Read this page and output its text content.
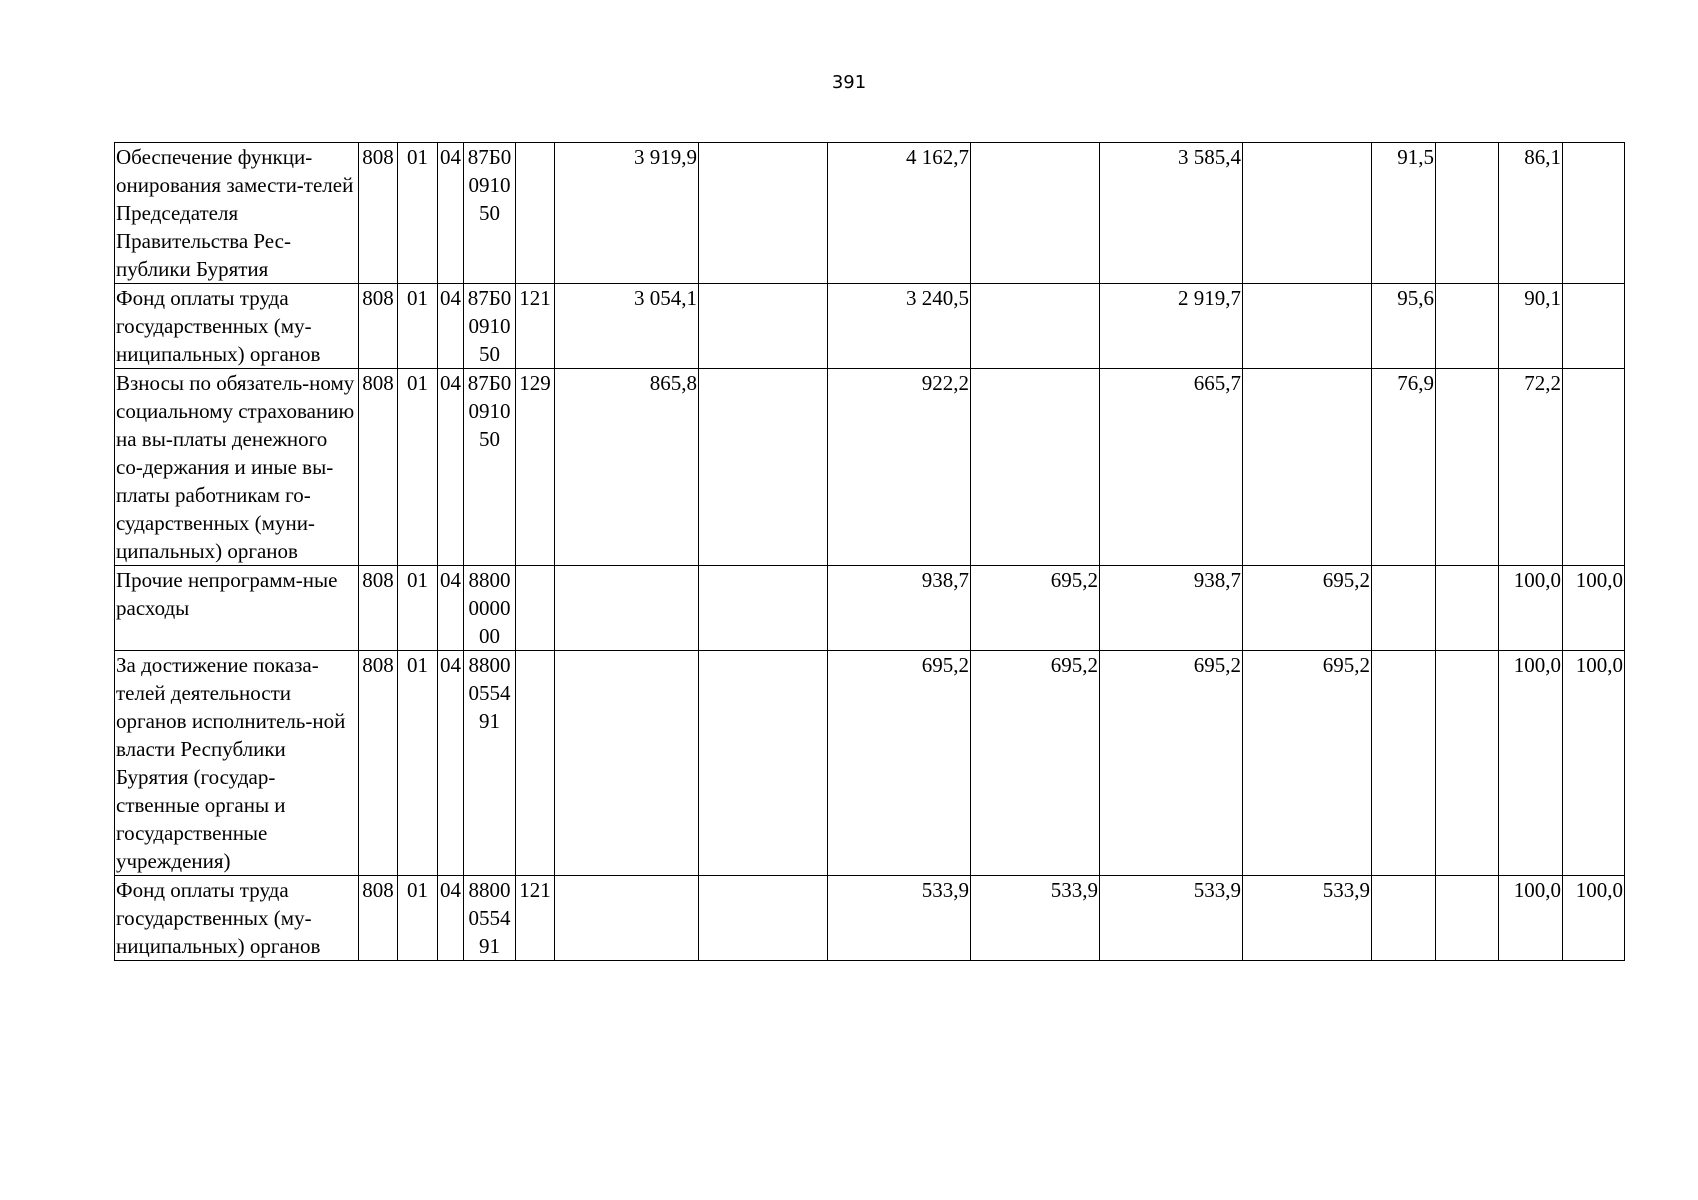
391
Обеспечение функци-онирования замести-телей Председателя Правительства Рес-публики Бурятия	808	01	04	87Б0091050		3 919,9		4 162,7		3 585,4		91,5		86,1	
Фонд оплаты труда государственных (му-ниципальных) органов	808	01	04	87Б0091050	121	3 054,1		3 240,5		2 919,7		95,6		90,1	
Взносы по обязатель-ному социальному страхованию на вы-платы денежного со-держания и иные вы-платы работникам го-сударственных (муни-ципальных) органов	808	01	04	87Б0091050	129	865,8		922,2		665,7		76,9		72,2	
Прочие непрограмм-ные расходы	808	01	04	8800000000				938,7	695,2	938,7	695,2			100,0	100,0
За достижение показа-телей деятельности органов исполнитель-ной власти Республики Бурятия (государ-ственные органы и государственные учреждения)	808	01	04	8800055491				695,2	695,2	695,2	695,2			100,0	100,0
Фонд оплаты труда государственных (му-ниципальных) органов	808	01	04	8800055491	121			533,9	533,9	533,9	533,9			100,0	100,0
